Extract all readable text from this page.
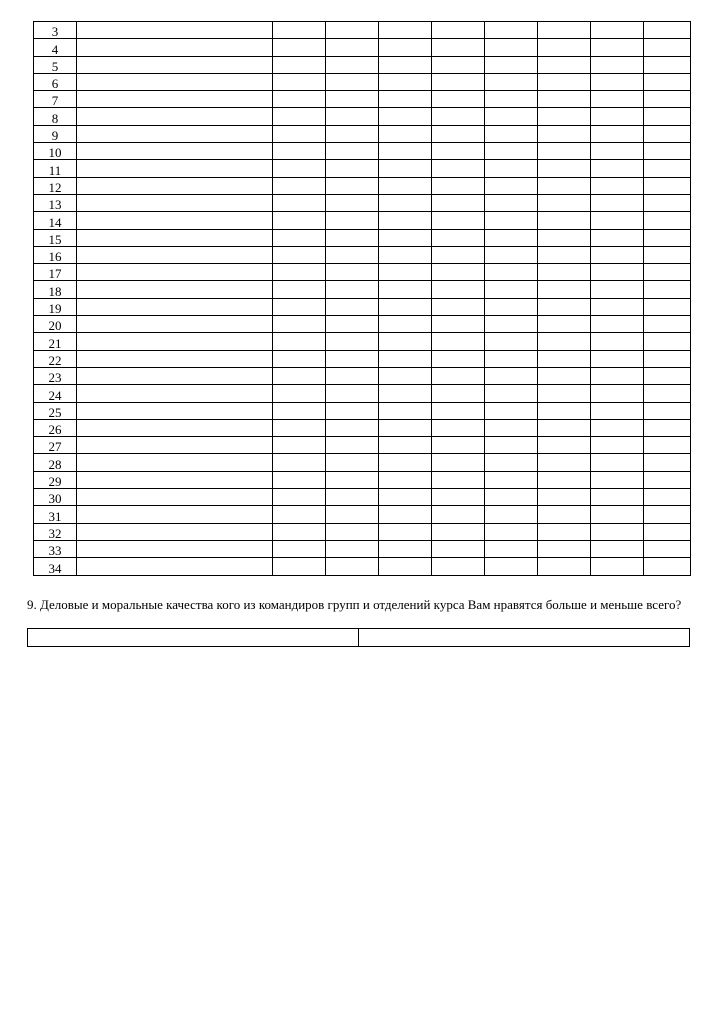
3									
4									
5									
6									
7									
8									
9									
10									
11									
12									
13									
14									
15									
16									
17									
18									
19									
20									
21									
22									
23									
24									
25									
26									
27									
28									
29									
30									
31									
32									
33									
34									

9. Деловые и моральные качества кого из командиров групп и отделений курса Вам нравятся больше и меньше всего?
